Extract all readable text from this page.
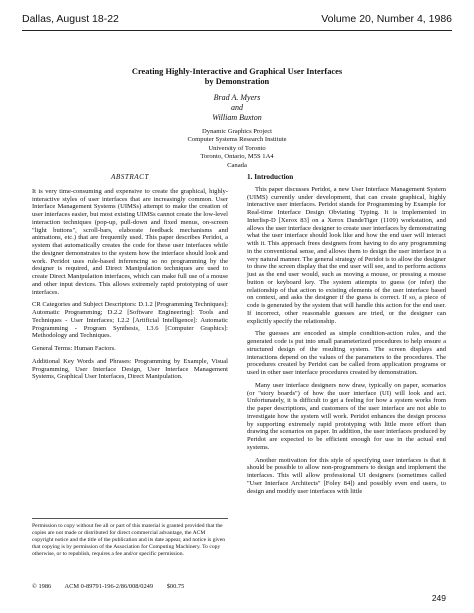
Dallas, August 18-22	Volume 20, Number 4, 1986
Creating Highly-Interactive and Graphical User Interfaces
by Demonstration
Brad A. Myers
and
William Buxton
Dynamic Graphics Project
Computer Systems Research Institute
University of Toronto
Toronto, Ontario, M5S 1A4
Canada
ABSTRACT

It is very time-consuming and expensive to create the graphical, highly-interactive styles of user interfaces that are increasingly common. User Interface Management Systems (UIMSs) attempt to make the creation of user interfaces easier, but most existing UIMSs cannot create the low-level interaction techniques (pop-up, pull-down and fixed menus, on-screen "light buttons", scroll-bars, elaborate feedback mechanisms and animations, etc.) that are frequently used. This paper describes Peridot, a system that automatically creates the code for these user interfaces while the designer demonstrates to the system how the interface should look and work. Peridot uses rule-based inferencing so no programming by the designer is required, and Direct Manipulation techniques are used to create Direct Manipulation interfaces, which can make full use of a mouse and other input devices. This allows extremely rapid prototyping of user interfaces.

CR Categories and Subject Descriptors: D.1.2 [Programming Techniques]: Automatic Programming; D.2.2 [Software Engineering]: Tools and Techniques - User Interfaces; I.2.2 [Artificial Intelligence]: Automatic Programming - Program Synthesis, I.3.6 [Computer Graphics]: Methodology and Techniques.

General Terms: Human Factors.

Additional Key Words and Phrases: Programming by Example, Visual Programming, User Interface Design, User Interface Management Systems, Graphical User Interfaces, Direct Manipulation.

Permission to copy without fee all or part of this material is granted provided that the copies are not made or distributed for direct commercial advantage, the ACM copyright notice and the title of the publication and its date appear, and notice is given that copying is by permission of the Association for Computing Machinery. To copy otherwise, or to republish, requires a fee and/or specific permission.
© 1986 ACM 0-89791-196-2/86/008/0249 $00.75
1. Introduction

This paper discusses Peridot, a new User Interface Management System (UIMS) currently under development, that can create graphical, highly interactive user interfaces. Peridot stands for Programming by Example for Real-time Interface Design Obviating Typing. It is implemented in Interlisp-D [Xerox 83] on a Xerox DandeTiger (1109) workstation, and allows the user interface designer to create user interfaces by demonstrating what the user interface should look like and how the end user will interact with it. This approach frees designers from having to do any programming in the conventional sense, and allows them to design the user interface in a very natural manner. The general strategy of Peridot is to allow the designer to draw the screen display that the end user will see, and to perform actions just as the end user would, such as moving a mouse, or pressing a mouse button or keyboard key. The system attempts to guess (or infer) the relationship of that action to existing elements of the user interface based on context, and asks the designer if the guess is correct. If so, a piece of code is generated by the system that will handle this action for the end user. If incorrect, other reasonable guesses are tried, or the designer can explicitly specify the relationship.

The guesses are encoded as simple condition-action rules, and the generated code is put into small parameterized procedures to help ensure a structured design of the resulting system. The screen displays and interactions depend on the values of the parameters to the procedures. The procedures created by Peridot can be called from application programs or used in other user interface procedures created by demonstration.

Many user interface designers now draw, typically on paper, scenarios (or "story boards") of how the user interface (UI) will look and act. Unfortunately, it is difficult to get a feeling for how a system works from the paper descriptions, and customers of the user interface are not able to investigate how the system will work. Peridot enhances the design process by supporting extremely rapid prototyping with little more effort than drawing the scenarios on paper. In addition, the user interfaces produced by Peridot are expected to be efficient enough for use in the actual end systems.

Another motivation for this style of specifying user interfaces is that it should be possible to allow non-programmers to design and implement the interfaces. This will allow professional UI designers (sometimes called "User Interface Architects" [Foley 84]) and possibly even end users, to design and modify user interfaces with little

249
